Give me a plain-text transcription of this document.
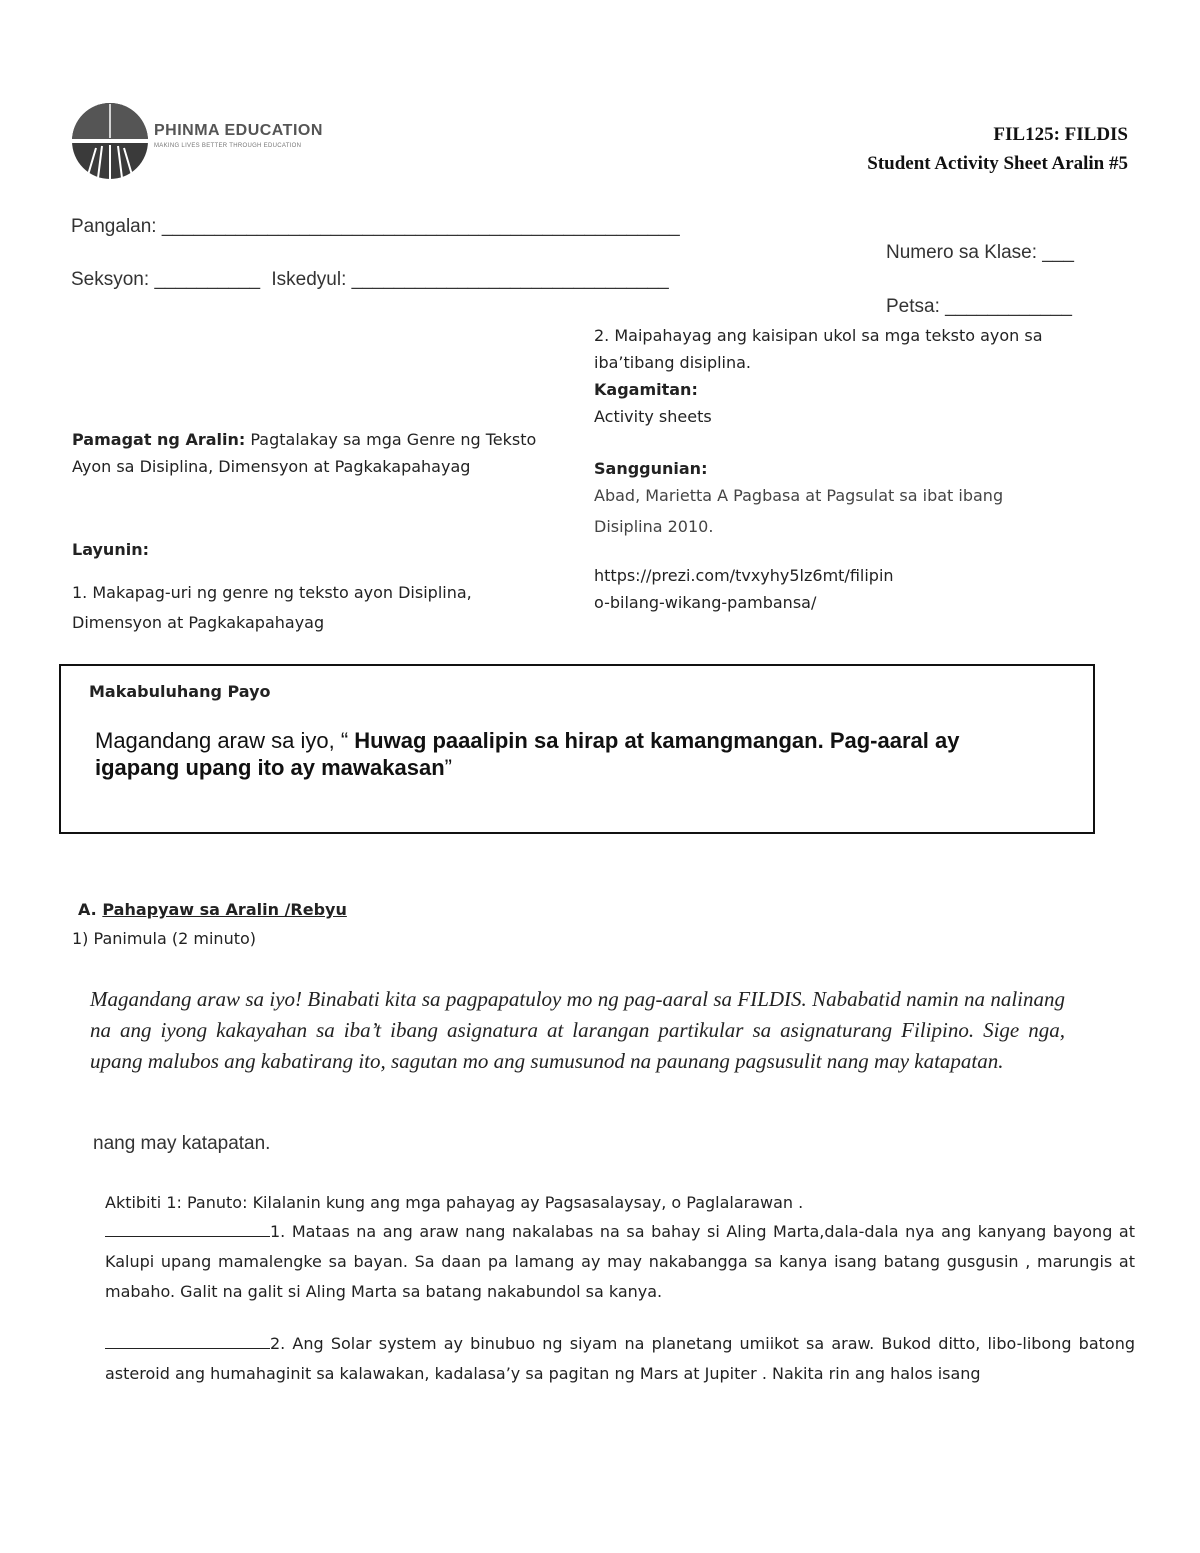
PHINMA EDUCATION
MAKING LIVES BETTER THROUGH EDUCATION
FIL125: FILDIS
Student Activity Sheet Aralin #5
Pangalan: _________________________________________________
Numero sa Klase: ___
Seksyon: __________ Iskedyul: ______________________________
Petsa: ____________
Pamagat ng Aralin: Pagtalakay sa mga Genre ng Teksto
Ayon sa Disiplina, Dimensyon at Pagkakapahayag
Layunin:
1. Makapag-uri ng genre ng teksto ayon Disiplina,
Dimensyon at Pagkakapahayag
2. Maipahayag ang kaisipan ukol sa mga teksto ayon sa
iba’tibang disiplina.
Kagamitan:
Activity sheets
Sanggunian:
Abad, Marietta A Pagbasa at Pagsulat sa ibat ibang
Disiplina 2010.
https://prezi.com/tvxyhy5lz6mt/filipin
o-bilang-wikang-pambansa/
Makabuluhang Payo
Magandang araw sa iyo, “ Huwag paaalipin sa hirap at kamangmangan. Pag-aaral ay igapang upang ito ay mawakasan”
A. Pahapyaw sa Aralin /Rebyu
1) Panimula (2 minuto)
Magandang araw sa iyo! Binabati kita sa pagpapatuloy mo ng pag-aaral sa FILDIS. Nababatid namin na nalinang na ang iyong kakayahan sa iba’t ibang asignatura at larangan partikular sa asignaturang Filipino. Sige nga, upang malubos ang kabatirang ito, sagutan mo ang sumusunod na paunang pagsusulit nang may katapatan.
nang may katapatan.
Aktibiti 1: Panuto: Kilalanin kung ang mga pahayag ay Pagsasalaysay, o Paglalarawan .
1. Mataas na ang araw nang nakalabas na sa bahay si Aling Marta,dala-dala nya ang kanyang bayong at Kalupi upang mamalengke sa bayan. Sa daan pa lamang ay may nakabangga sa kanya isang batang gusgusin , marungis at mabaho. Galit na galit si Aling Marta sa batang nakabundol sa kanya.
2. Ang Solar system ay binubuo ng siyam na planetang umiikot sa araw. Bukod ditto, libo-libong batong asteroid ang humahaginit sa kalawakan, kadalasa’y sa pagitan ng Mars at Jupiter . Nakita rin ang halos isang
